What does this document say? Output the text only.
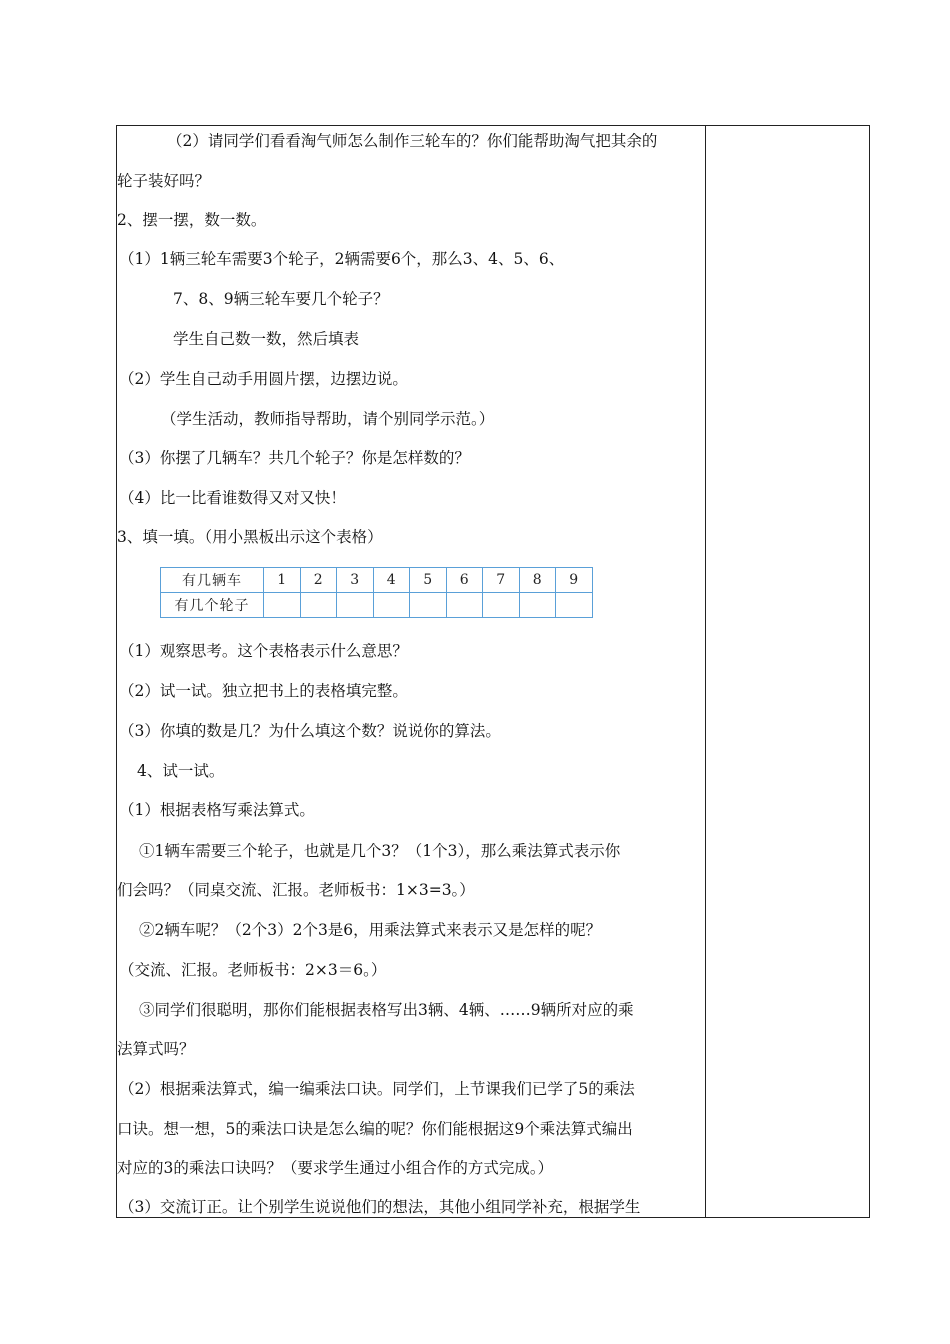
（2）请同学们看看淘气师怎么制作三轮车的？你们能帮助淘气把其余的
轮子装好吗？
2、摆一摆，数一数。
（1）1辆三轮车需要3个轮子，2辆需要6个，那么3、4、5、6、
7、8、9辆三轮车要几个轮子？
学生自己数一数，然后填表
（2）学生自己动手用圆片摆，边摆边说。
（学生活动，教师指导帮助，请个别同学示范。）
（3）你摆了几辆车？共几个轮子？你是怎样数的？
（4）比一比看谁数得又对又快！
3、填一填。（用小黑板出示这个表格）
有几辆车	1	2	3	4	5	6	7	8	9
有几个轮子									
（1）观察思考。这个表格表示什么意思？
（2）试一试。独立把书上的表格填完整。
（3）你填的数是几？为什么填这个数？说说你的算法。
4、试一试。
（1）根据表格写乘法算式。
①1辆车需要三个轮子，也就是几个3？（1个3），那么乘法算式表示你
们会吗？（同桌交流、汇报。老师板书：1×3=3。）
②2辆车呢？（2个3）2个3是6，用乘法算式来表示又是怎样的呢？
（交流、汇报。老师板书：2×3＝6。）
③同学们很聪明，那你们能根据表格写出3辆、4辆、……9辆所对应的乘
法算式吗？
（2）根据乘法算式，编一编乘法口诀。同学们，上节课我们已学了5的乘法
口诀。想一想，5的乘法口诀是怎么编的呢？你们能根据这9个乘法算式编出
对应的3的乘法口诀吗？（要求学生通过小组合作的方式完成。）
（3）交流订正。让个别学生说说他们的想法，其他小组同学补充，根据学生
